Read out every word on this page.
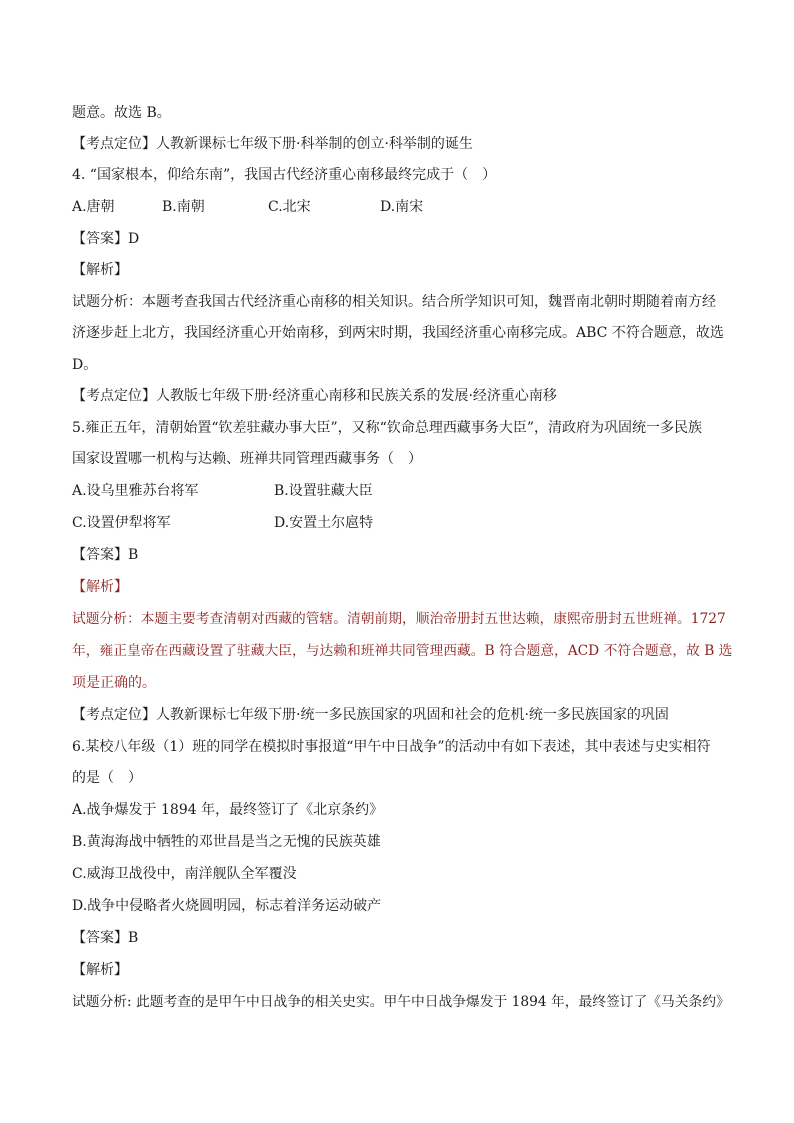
题意。故选 B。
【考点定位】人教新课标七年级下册·科举制的创立·科举制的诞生
4. “国家根本，仰给东南”，我国古代经济重心南移最终完成于（　）
A.唐朝	B.南朝	C.北宋	D.南宋
【答案】D
【解析】
试题分析：本题考查我国古代经济重心南移的相关知识。结合所学知识可知，魏晋南北朝时期随着南方经
济逐步赶上北方，我国经济重心开始南移，到两宋时期，我国经济重心南移完成。ABC 不符合题意，故选
D。
【考点定位】人教版七年级下册·经济重心南移和民族关系的发展·经济重心南移
5.雍正五年，清朝始置“钦差驻藏办事大臣”，又称“钦命总理西藏事务大臣”，清政府为巩固统一多民族
国家设置哪一机构与达赖、班禅共同管理西藏事务（　）
A.设乌里雅苏台将军	B.设置驻藏大臣
C.设置伊犁将军	D.安置土尔扈特
【答案】B
【解析】
试题分析：本题主要考查清朝对西藏的管辖。清朝前期，顺治帝册封五世达赖，康熙帝册封五世班禅。1727
年，雍正皇帝在西藏设置了驻藏大臣，与达赖和班禅共同管理西藏。B 符合题意，ACD 不符合题意，故 B 选
项是正确的。
【考点定位】人教新课标七年级下册·统一多民族国家的巩固和社会的危机·统一多民族国家的巩固
6.某校八年级（1）班的同学在模拟时事报道“甲午中日战争”的活动中有如下表述，其中表述与史实相符
的是（　）
A.战争爆发于 1894 年，最终签订了《北京条约》
B.黄海海战中牺牲的邓世昌是当之无愧的民族英雄
C.威海卫战役中，南洋舰队全军覆没
D.战争中侵略者火烧圆明园，标志着洋务运动破产
【答案】B
【解析】
试题分析: 此题考查的是甲午中日战争的相关史实。甲午中日战争爆发于 1894 年，最终签订了《马关条约》
